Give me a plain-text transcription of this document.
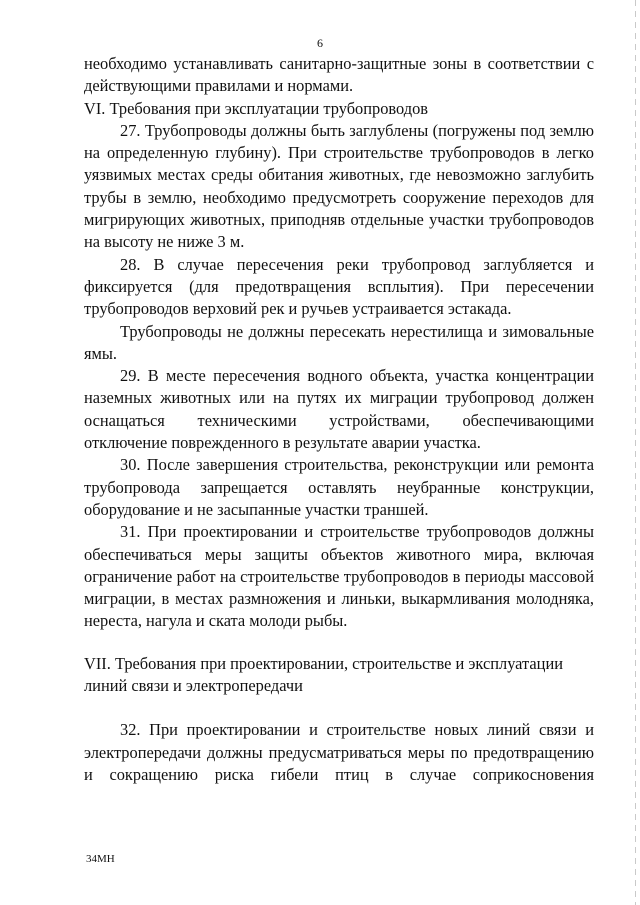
6

необходимо устанавливать санитарно-защитные зоны в соответствии с действующими правилами и нормами.

VI. Требования при эксплуатации трубопроводов

27. Трубопроводы должны быть заглублены (погружены под землю на определенную глубину). При строительстве трубопроводов в легко уязвимых местах среды обитания животных, где невозможно заглубить трубы в землю, необходимо предусмотреть сооружение переходов для мигрирующих животных, приподняв отдельные участки трубопроводов на высоту не ниже 3 м.

28. В случае пересечения реки трубопровод заглубляется и фиксируется (для предотвращения всплытия). При пересечении трубопроводов верховий рек и ручьев устраивается эстакада.

Трубопроводы не должны пересекать нерестилища и зимовальные ямы.

29. В месте пересечения водного объекта, участка концентрации наземных животных или на путях их миграции трубопровод должен оснащаться техническими устройствами, обеспечивающими отключение поврежденного в результате аварии участка.

30. После завершения строительства, реконструкции или ремонта трубопровода запрещается оставлять неубранные конструкции, оборудование и не засыпанные участки траншей.

31. При проектировании и строительстве трубопроводов должны обеспечиваться меры защиты объектов животного мира, включая ограничение работ на строительстве трубопроводов в периоды массовой миграции, в местах размножения и линьки, выкармливания молодняка, нереста, нагула и ската молоди рыбы.

VII. Требования при проектировании, строительстве и эксплуатации

линий связи и электропередачи

32. При проектировании и строительстве новых линий связи и электропередачи должны предусматриваться меры по предотвращению и сокращению риска гибели птиц в случае соприкосновения

34МН
